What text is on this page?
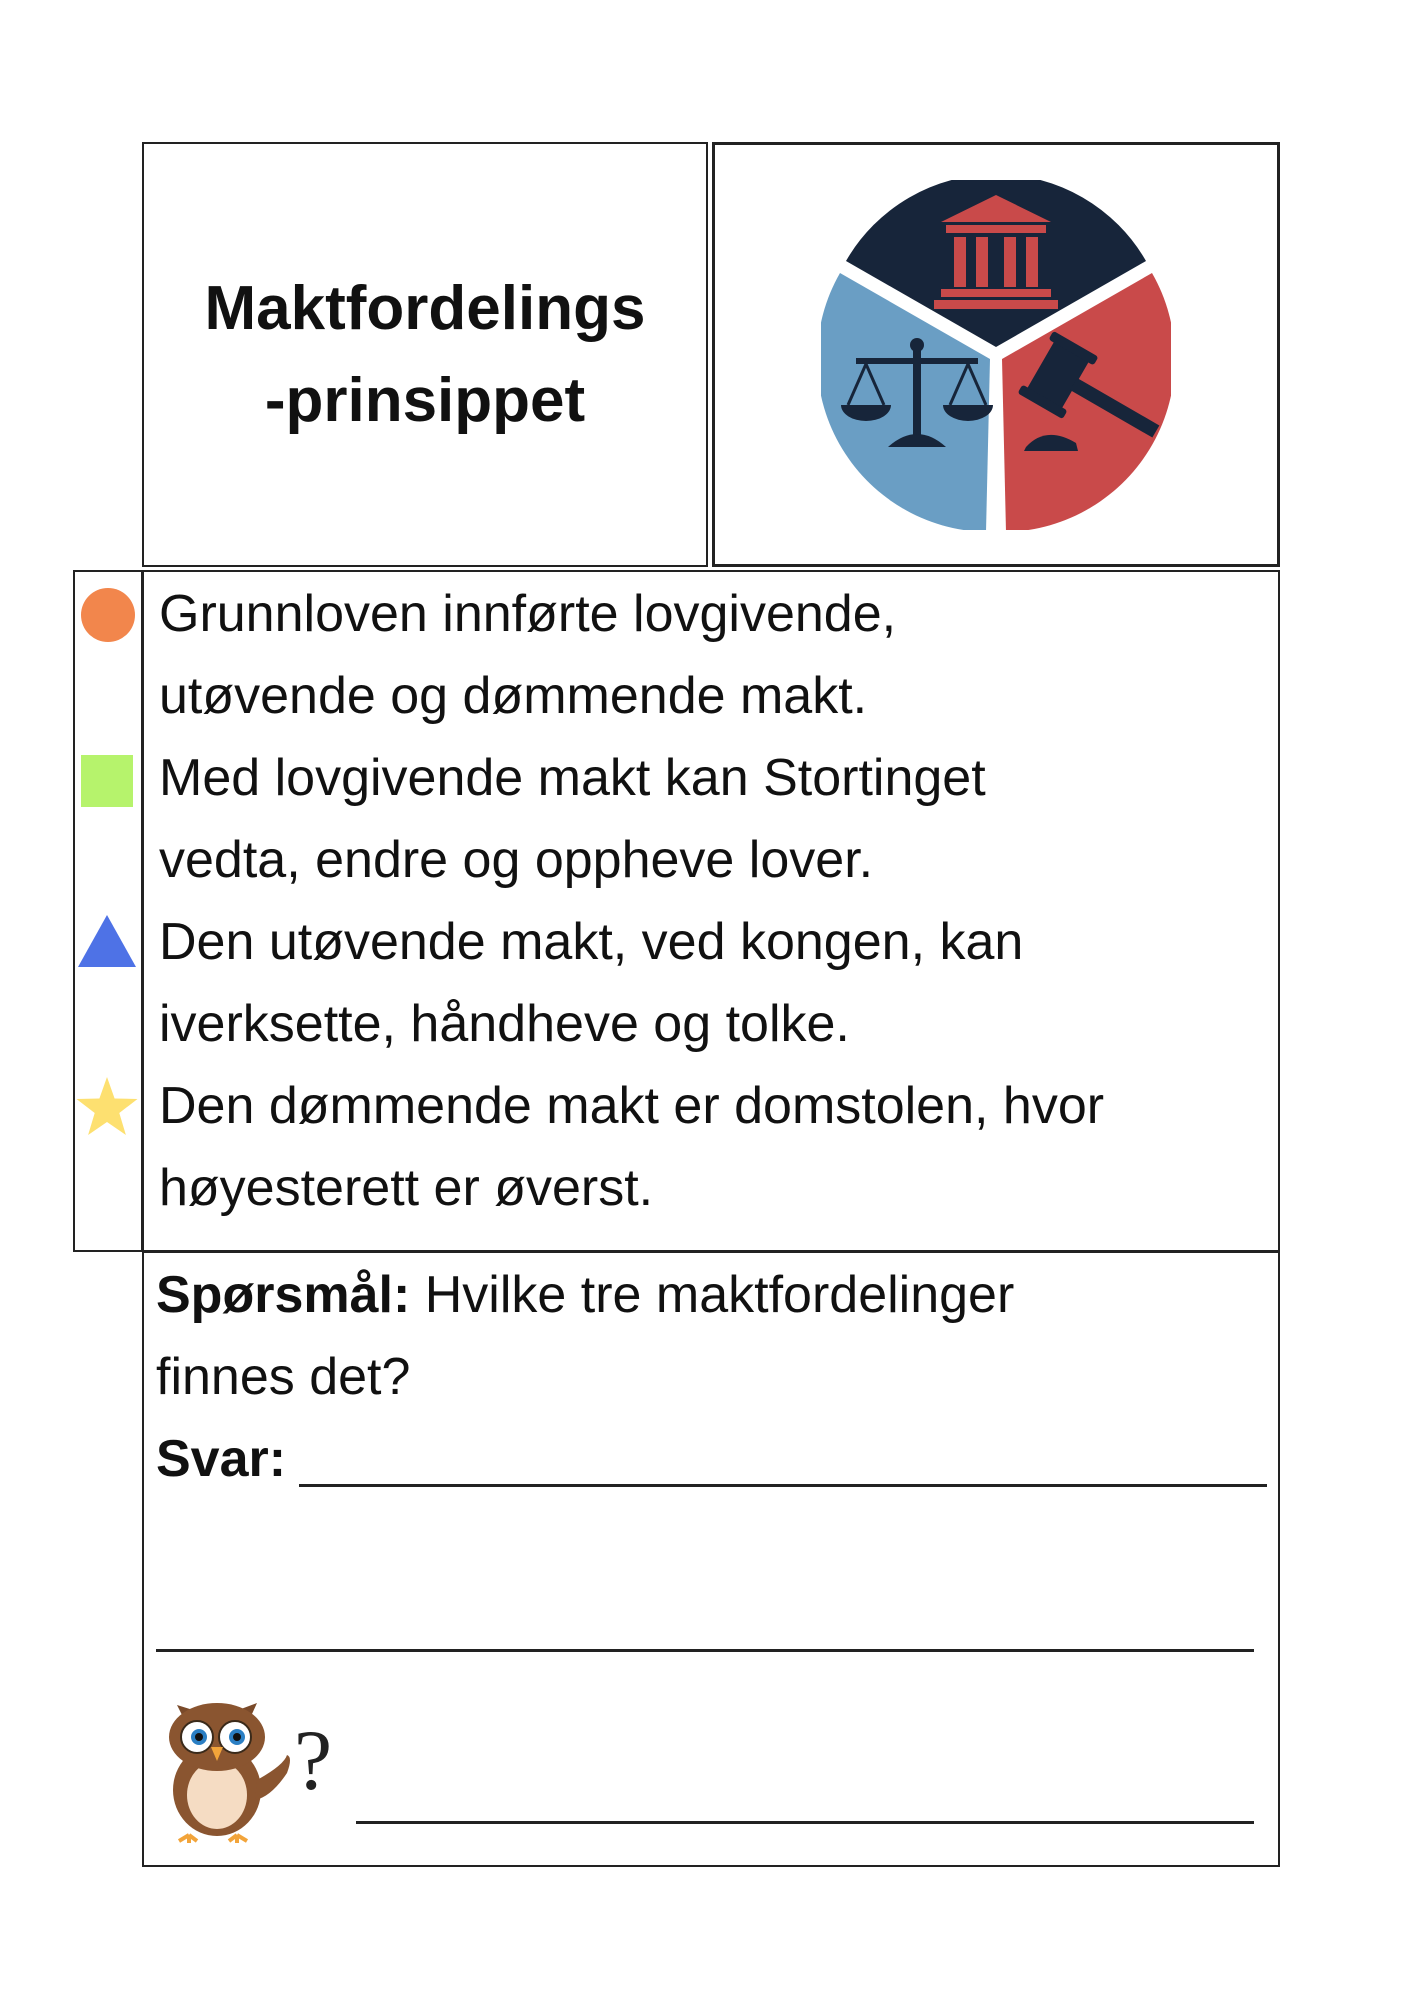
Maktfordelings
-prinsippet
Grunnloven innførte lovgivende,
utøvende og dømmende makt.
Med lovgivende makt kan Stortinget
vedta, endre og oppheve lover.
Den utøvende makt, ved kongen, kan
iverksette, håndheve og tolke.
Den dømmende makt er domstolen, hvor
høyesterett er øverst.
Spørsmål: Hvilke tre maktfordelinger
finnes det?
Svar:
?
